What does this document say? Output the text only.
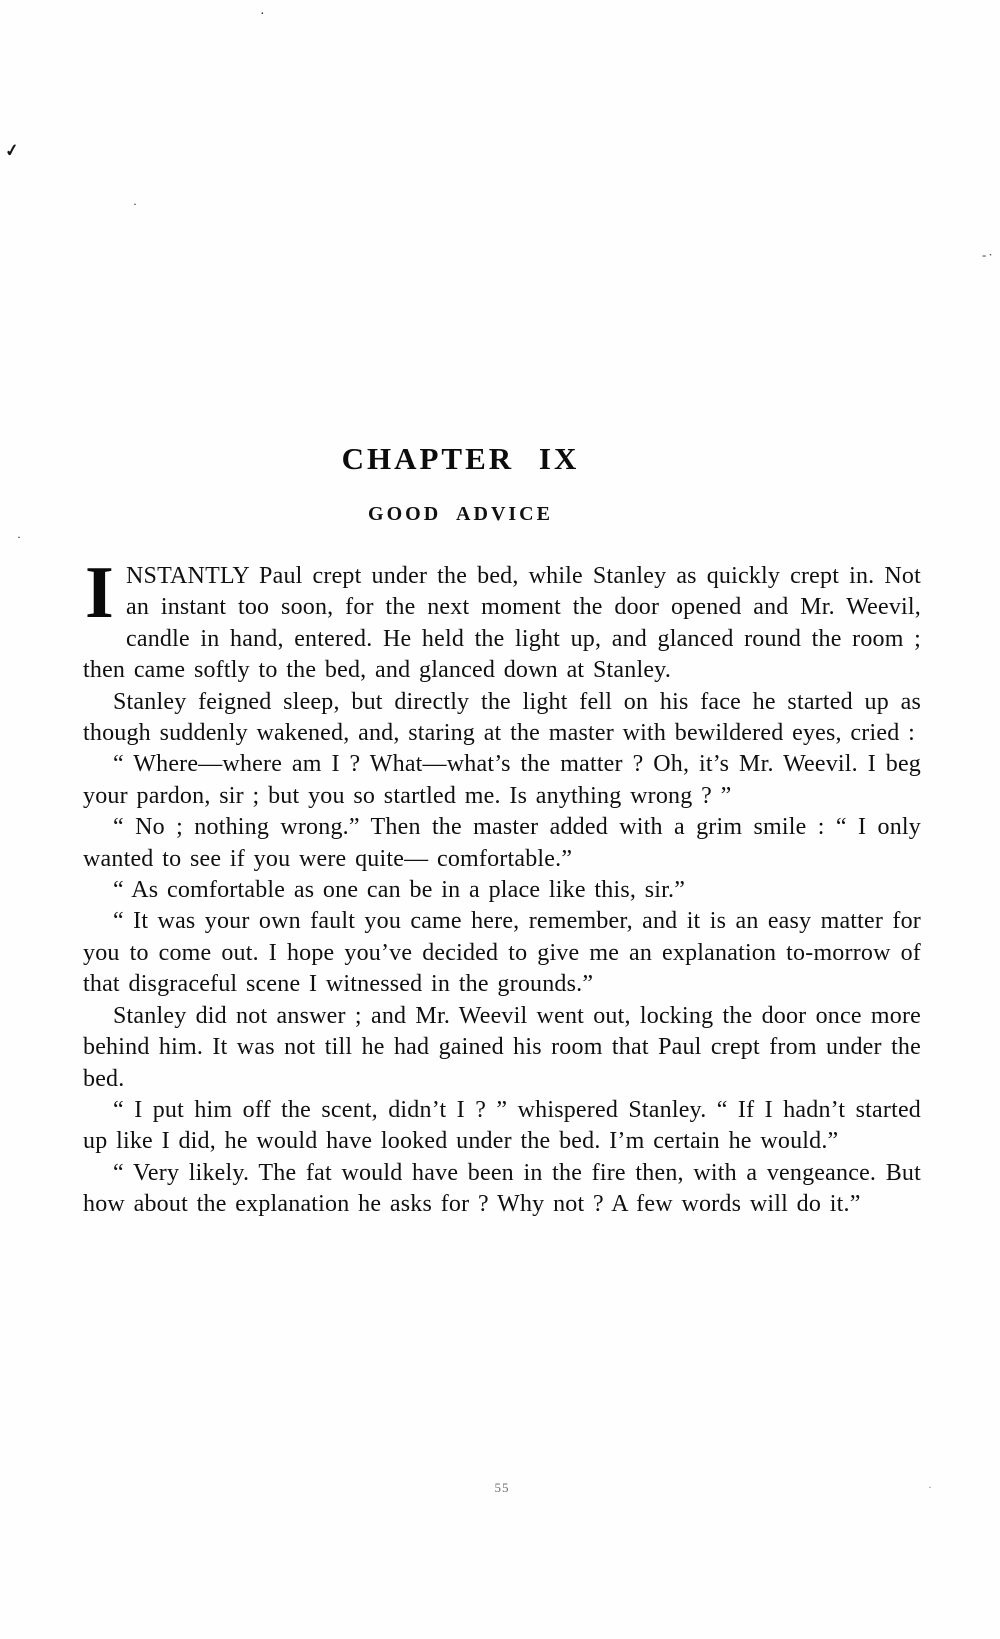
·
✓
·
-·
·
·
CHAPTER IX
GOOD ADVICE

INSTANTLY Paul crept under the bed, while Stanley as quickly crept in. Not an instant too soon, for the next moment the door opened and Mr. Weevil, candle in hand, entered. He held the light up, and glanced round the room ; then came softly to the bed, and glanced down at Stanley.

Stanley feigned sleep, but directly the light fell on his face he started up as though suddenly wakened, and, staring at the master with bewildered eyes, cried :

“ Where—where am I ? What—what’s the matter ? Oh, it’s Mr. Weevil. I beg your pardon, sir ; but you so startled me. Is anything wrong ? ”

“ No ; nothing wrong.” Then the master added with a grim smile : “ I only wanted to see if you were quite— comfortable.”

“ As comfortable as one can be in a place like this, sir.”

“ It was your own fault you came here, remember, and it is an easy matter for you to come out. I hope you’ve decided to give me an explanation to-morrow of that disgraceful scene I witnessed in the grounds.”

Stanley did not answer ; and Mr. Weevil went out, locking the door once more behind him. It was not till he had gained his room that Paul crept from under the bed.

“ I put him off the scent, didn’t I ? ” whispered Stanley. “ If I hadn’t started up like I did, he would have looked under the bed. I’m certain he would.”

“ Very likely. The fat would have been in the fire then, with a vengeance. But how about the explanation he asks for ? Why not ? A few words will do it.”

55
